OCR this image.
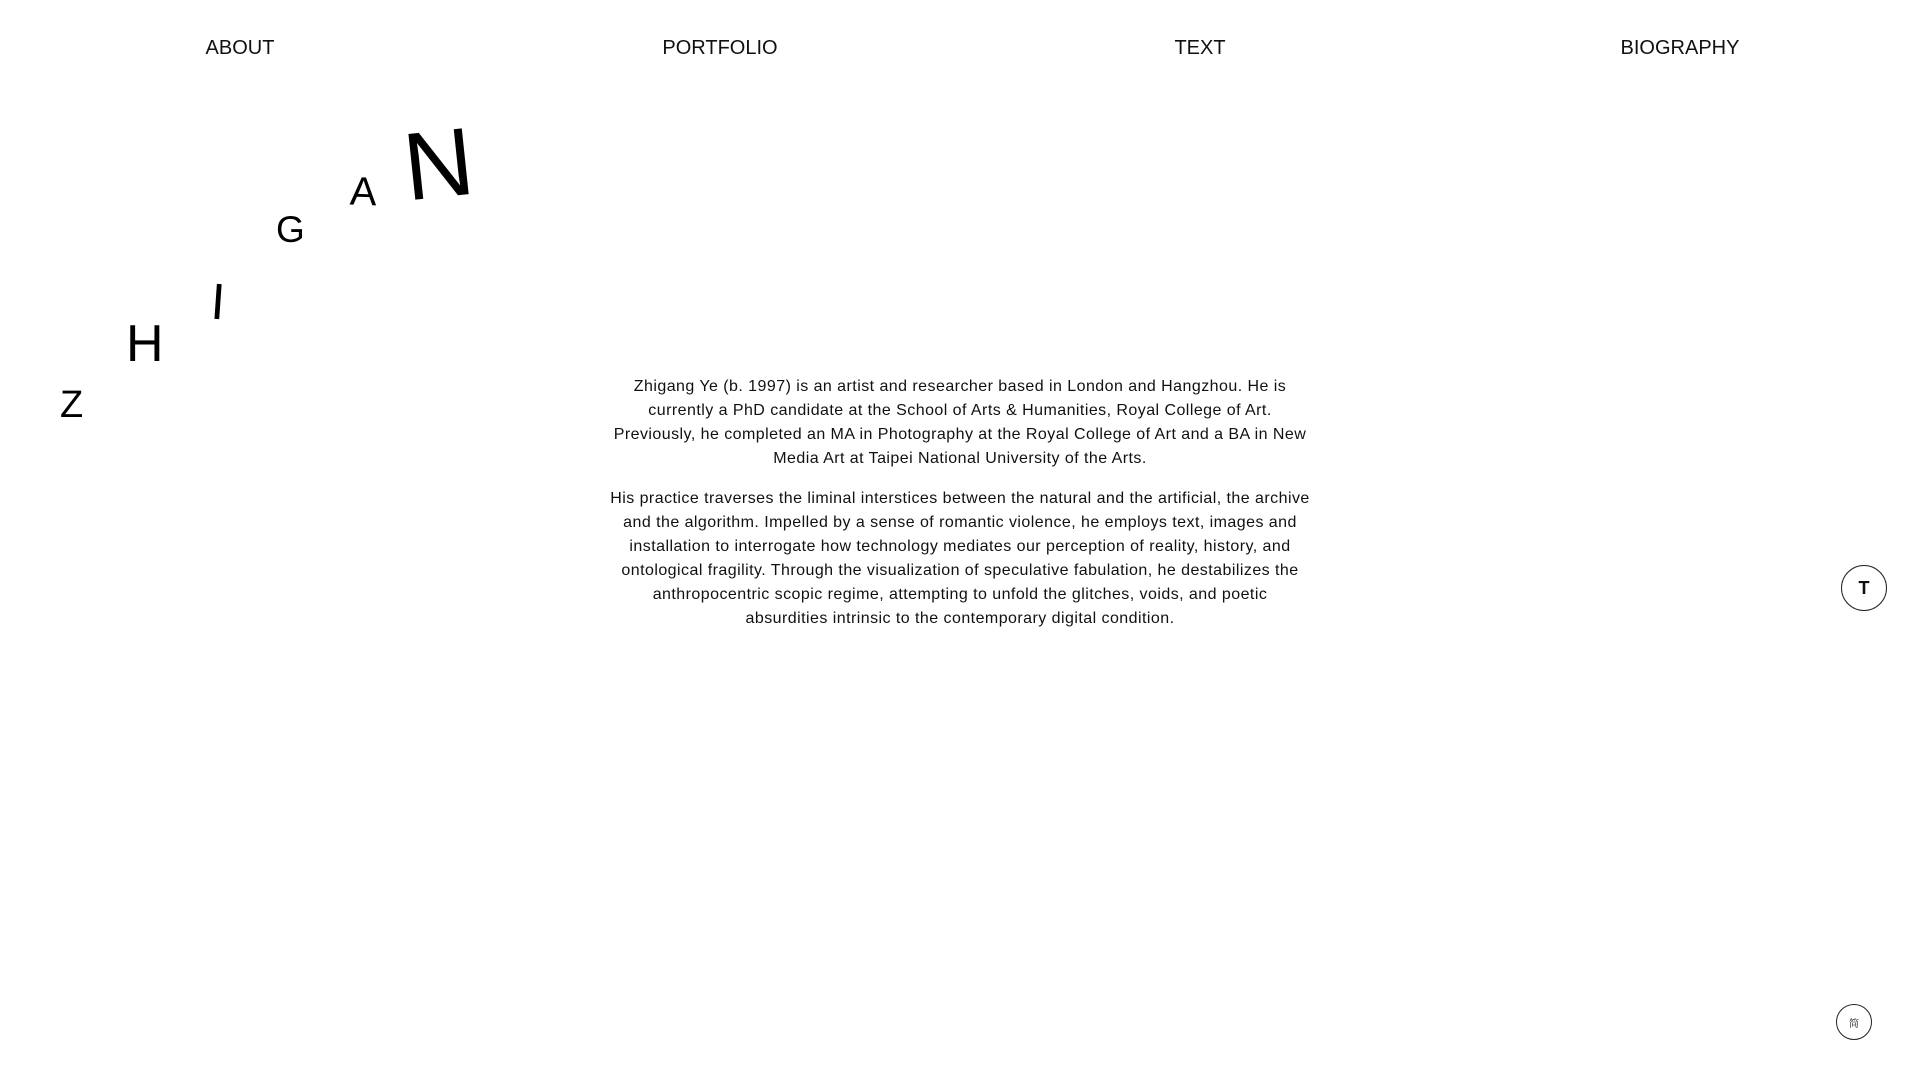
ABOUT	PORTFOLIO	TEXT	BIOGRAPHY
Z
H
I
G
A N

Zhigang Ye (b. 1997) is an artist and researcher based in London and Hangzhou. He is currently a PhD candidate at the School of Arts & Humanities, Royal College of Art. Previously, he completed an MA in Photography at the Royal College of Art and a BA in New Media Art at Taipei National University of the Arts.

His practice traverses the liminal interstices between the natural and the artificial, the archive and the algorithm. Impelled by a sense of romantic violence, he employs text, images and installation to interrogate how technology mediates our perception of reality, history, and ontological fragility. Through the visualization of speculative fabulation, he destabilizes the anthropocentric scopic regime, attempting to unfold the glitches, voids, and poetic absurdities intrinsic to the contemporary digital condition.

T
简
